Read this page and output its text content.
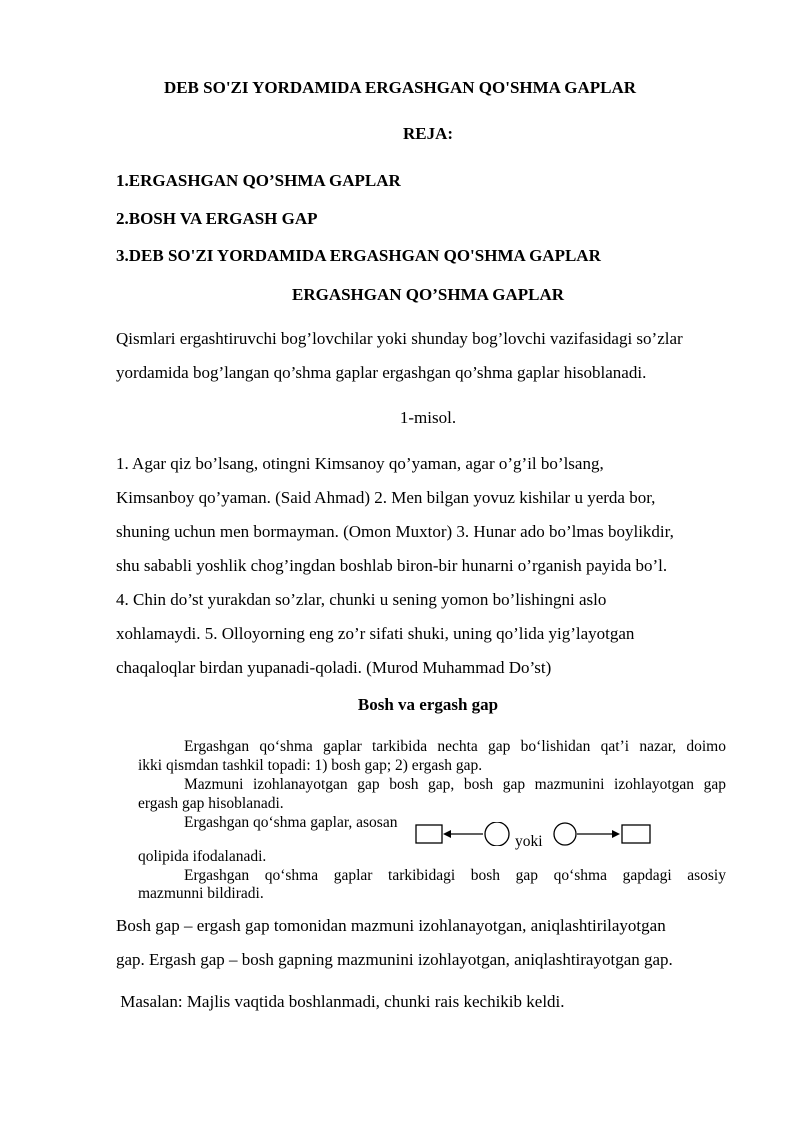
DEB SO'ZI YORDAMIDA ERGASHGAN QO'SHMA GAPLAR
REJA:
1.ERGASHGAN QO’SHMA GAPLAR
2.BOSH VA ERGASH GAP
3.DEB SO'ZI YORDAMIDA ERGASHGAN QO'SHMA GAPLAR
ERGASHGAN QO’SHMA GAPLAR
Qismlari ergashtiruvchi bog’lovchilar yoki shunday bog’lovchi vazifasidagi so’zlar
yordamida bog’langan qo’shma gaplar ergashgan qo’shma gaplar hisoblanadi.
1-misol.
1. Agar qiz bo’lsang, otingni Kimsanoy qo’yaman, agar o’g’il bo’lsang,
Kimsanboy qo’yaman. (Said Ahmad) 2. Men bilgan yovuz kishilar u yerda bor,
shuning uchun men bormayman. (Omon Muxtor) 3. Hunar ado bo’lmas boylikdir,
shu sababli yoshlik chog’ingdan boshlab biron-bir hunarni o’rganish payida bo’l.
4. Chin do’st yurakdan so’zlar, chunki u sening yomon bo’lishingni aslo
xohlamaydi. 5. Olloyorning eng zo’r sifati shuki, uning qo’lida yig’layotgan
chaqaloqlar birdan yupanadi-qoladi. (Murod Muhammad Do’st)
Bosh va ergash gap
Ergashgan qo‘shma gaplar tarkibida nechta gap bo‘lishidan qat’i nazar, doimo
ikki qismdan tashkil topadi: 1) bosh gap; 2) ergash gap.
Mazmuni izohlanayotgan gap bosh gap, bosh gap mazmunini izohlayotgan gap
ergash gap hisoblanadi.
Ergashgan qo‘shma gaplar, asosan
yoki
qolipida ifodalanadi.
Ergashgan qo‘shma gaplar tarkibidagi bosh gap qo‘shma gapdagi asosiy
mazmunni bildiradi.
Bosh gap – ergash gap tomonidan mazmuni izohlanayotgan, aniqlashtirilayotgan
gap. Ergash gap – bosh gapning mazmunini izohlayotgan, aniqlashtirayotgan gap.
Masalan: Majlis vaqtida boshlanmadi, chunki rais kechikib keldi.
